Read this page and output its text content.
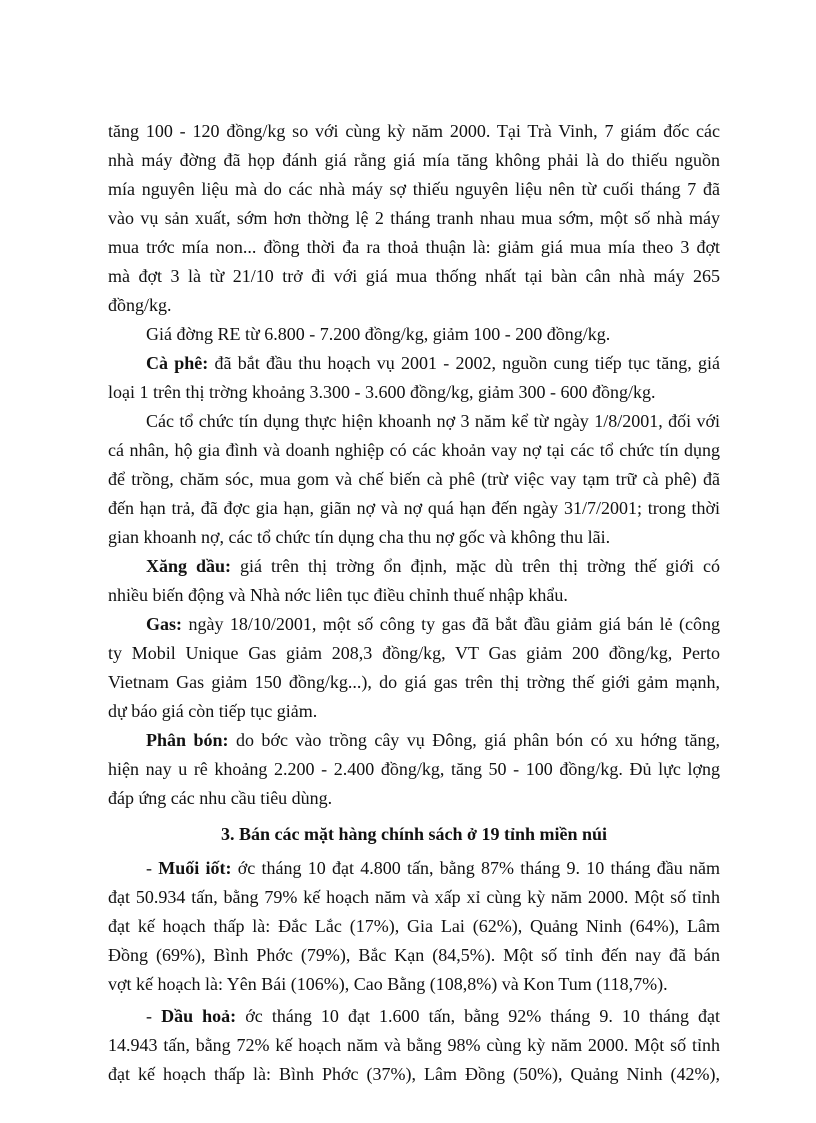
tăng 100 - 120 đồng/kg so với cùng kỳ năm 2000. Tại Trà Vinh, 7 giám đốc các
nhà máy đờng đã họp đánh giá rằng giá mía tăng không phải là do thiếu nguồn
mía nguyên liệu mà do các nhà máy sợ thiếu nguyên liệu nên từ cuối tháng 7 đã
vào vụ sản xuất, sớm hơn thờng lệ 2 tháng tranh nhau mua sớm, một số nhà máy
mua trớc mía non... đồng thời đa ra thoả thuận là: giảm giá mua mía theo 3 đợt
mà đợt 3 là từ 21/10 trở đi với giá mua thống nhất tại bàn cân nhà máy 265
đồng/kg.
Giá đờng RE từ 6.800 - 7.200 đồng/kg, giảm 100 - 200 đồng/kg.
Cà phê: đã bắt đầu thu hoạch vụ 2001 - 2002, nguồn cung tiếp tục tăng, giá
loại 1 trên thị trờng khoảng 3.300 - 3.600 đồng/kg, giảm 300 - 600 đồng/kg.
Các tổ chức tín dụng thực hiện khoanh nợ 3 năm kể từ ngày 1/8/2001, đối với
cá nhân, hộ gia đình và doanh nghiệp có các khoản vay nợ tại các tổ chức tín dụng
để trồng, chăm sóc, mua gom và chế biến cà phê (trừ việc vay tạm trữ cà phê) đã
đến hạn trả, đã đợc gia hạn, giãn nợ và nợ quá hạn đến ngày 31/7/2001; trong thời
gian khoanh nợ, các tổ chức tín dụng cha thu nợ gốc và không thu lãi.
Xăng dầu: giá trên thị trờng ổn định, mặc dù trên thị trờng thế giới có
nhiều biến động và Nhà nớc liên tục điều chỉnh thuế nhập khẩu.
Gas: ngày 18/10/2001, một số công ty gas đã bắt đầu giảm giá bán lẻ (công
ty Mobil Unique Gas giảm 208,3 đồng/kg, VT Gas giảm 200 đồng/kg, Perto
Vietnam Gas giảm 150 đồng/kg...), do giá gas trên thị trờng thế giới gảm mạnh,
dự báo giá còn tiếp tục giảm.
Phân bón: do bớc vào trồng cây vụ Đông, giá phân bón có xu hớng tăng,
hiện nay u rê khoảng 2.200 - 2.400 đồng/kg, tăng 50 - 100 đồng/kg. Đủ lực lợng
đáp ứng các nhu cầu tiêu dùng.
3. Bán các mặt hàng chính sách ở 19 tỉnh miền núi
- Muối iốt: ớc tháng 10 đạt 4.800 tấn, bằng 87% tháng 9. 10 tháng đầu năm
đạt 50.934 tấn, bằng 79% kế hoạch năm và xấp xỉ cùng kỳ năm 2000. Một số tỉnh
đạt kế hoạch thấp là: Đắc Lắc (17%), Gia Lai (62%), Quảng Ninh (64%), Lâm
Đồng (69%), Bình Phớc (79%), Bắc Kạn (84,5%). Một số tỉnh đến nay đã bán
vợt kế hoạch là: Yên Bái (106%), Cao Bằng (108,8%) và Kon Tum (118,7%).
- Dầu hoả: ớc tháng 10 đạt 1.600 tấn, bằng 92% tháng 9. 10 tháng đạt
14.943 tấn, bằng 72% kế hoạch năm và bằng 98% cùng kỳ năm 2000. Một số tỉnh
đạt kế hoạch thấp là: Bình Phớc (37%), Lâm Đồng (50%), Quảng Ninh (42%),
